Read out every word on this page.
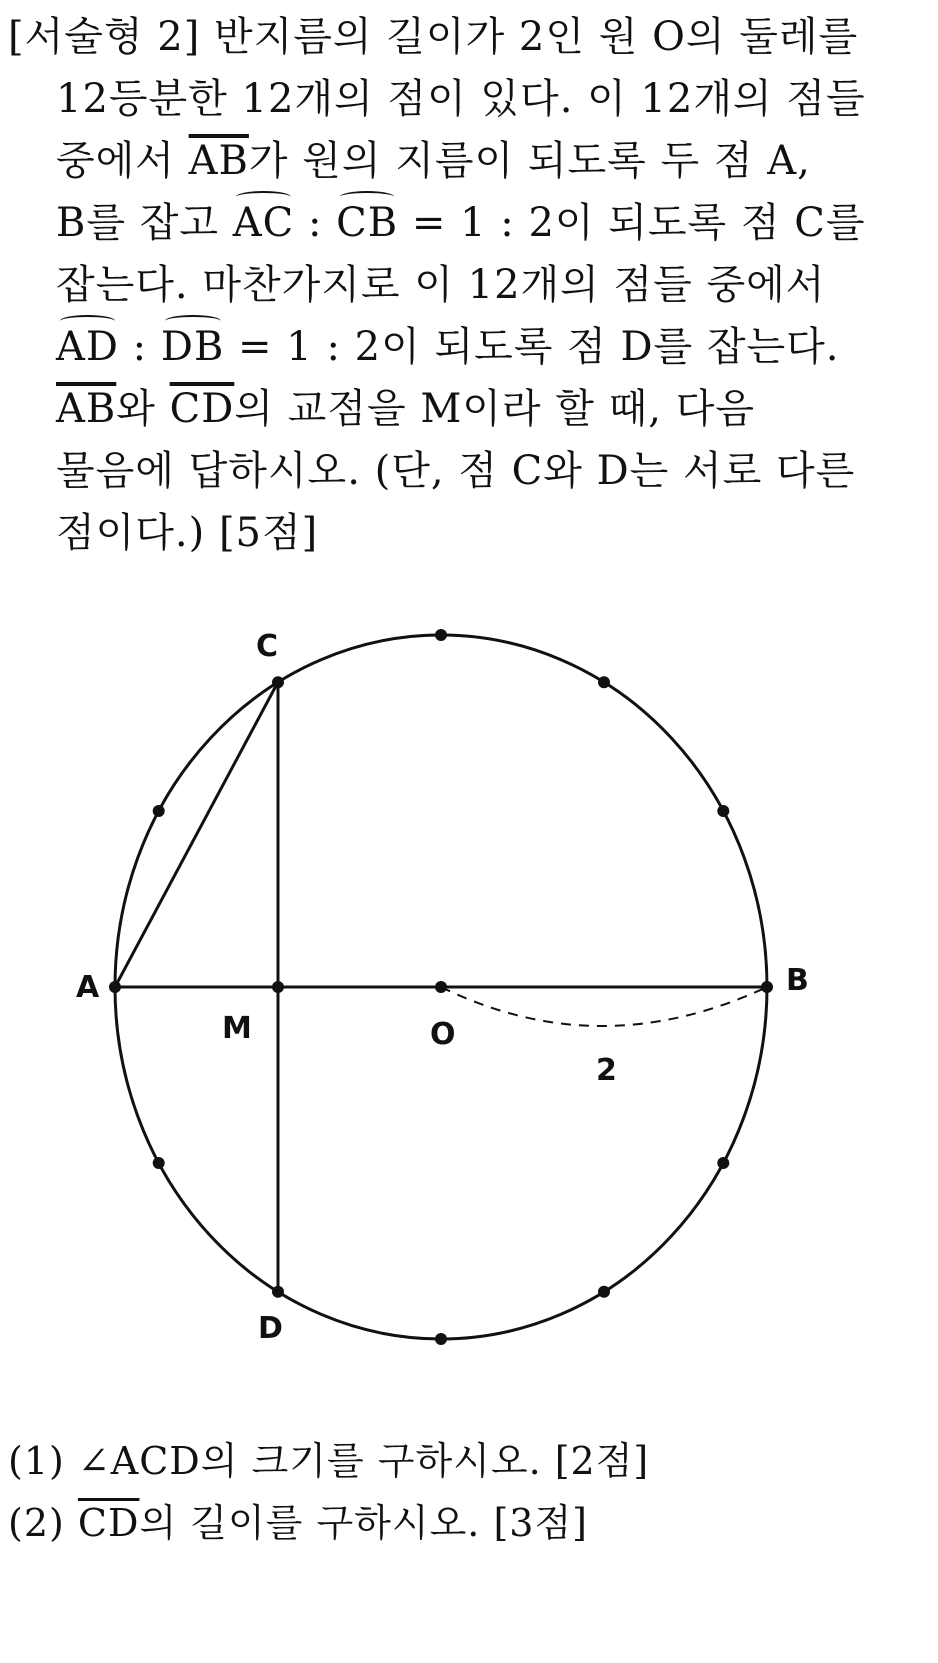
[서술형 2] 반지름의 길이가 2인 원 O의 둘레를
12등분한 12개의 점이 있다. 이 12개의 점들
중에서 $\overline{AB}$가 원의 지름이 되도록 두 점 A,
B를 잡고 AC : CB = 1 : 2이 되도록 점 C를
잡는다. 마찬가지로 이 12개의 점들 중에서
AD : DB = 1 : 2이 되도록 점 D를 잡는다.
$\overline{AB}$와 $\overline{CD}$의 교점을 M이라 할 때, 다음
물음에 답하시오. (단, 점 C와 D는 서로 다른
점이다.) [5점]
C
A	B
M	O
2
D
(1) ∠ACD의 크기를 구하시오. [2점]
(2) $\overline{CD}$의 길이를 구하시오. [3점]
